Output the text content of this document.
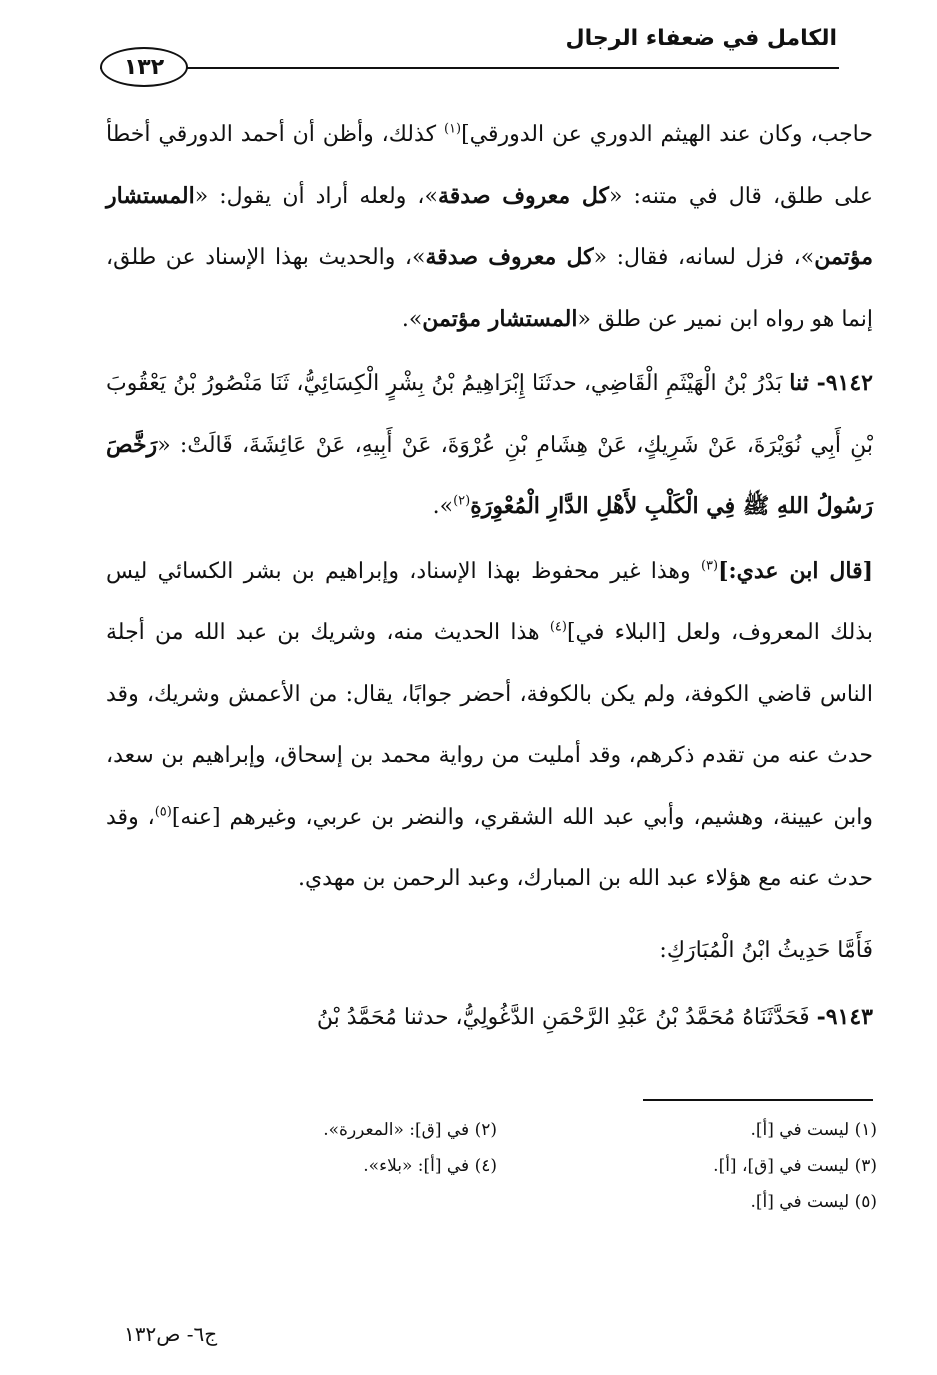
الكامل في ضعفاء الرجال
١٣٢

حاجب، وكان عند الهيثم الدوري عن الدورقي]$^{(١)}$ كذلك، وأظن أن أحمد الدورقي أخطأ على طلق، قال في متنه: «كل معروف صدقة»، ولعله أراد أن يقول: «المستشار مؤتمن»، فزل لسانه، فقال: «كل معروف صدقة»، والحديث بهذا الإسناد عن طلق، إنما هو رواه ابن نمير عن طلق «المستشار مؤتمن».

٩١٤٢- ثنا بَدْرُ بْنُ الْهَيْثَمِ الْقَاضِي، حدثَنَا إِبْرَاهِيمُ بْنُ بِشْرٍ الْكِسَائِيُّ، ثَنَا مَنْصُورُ بْنُ يَعْقُوبَ بْنِ أَبِي نُوَيْرَةَ، عَنْ شَرِيكٍ، عَنْ هِشَامِ بْنِ عُرْوَةَ، عَنْ أَبِيهِ، عَنْ عَائِشَةَ، قَالَتْ: «رَخَّصَ رَسُولُ اللهِ ﷺ فِي الْكَلْبِ لأَهْلِ الدَّارِ الْمُعْوِرَةِ$^{(٢)}$».

[قال ابن عدي:]$^{(٣)}$ وهذا غير محفوظ بهذا الإسناد، وإبراهيم بن بشر الكسائي ليس بذلك المعروف، ولعل [البلاء في]$^{(٤)}$ هذا الحديث منه، وشريك بن عبد الله من أجلة الناس قاضي الكوفة، ولم يكن بالكوفة، أحضر جوابًا، يقال: من الأعمش وشريك، وقد حدث عنه من تقدم ذكرهم، وقد أمليت من رواية محمد بن إسحاق، وإبراهيم بن سعد، وابن عيينة، وهشيم، وأبي عبد الله الشقري، والنضر بن عربي، وغيرهم [عنه]$^{(٥)}$، وقد حدث عنه مع هؤلاء عبد الله بن المبارك، وعبد الرحمن بن مهدي.

فَأَمَّا حَدِيثُ ابْنُ الْمُبَارَكِ:

٩١٤٣- فَحَدَّثَنَاهُ مُحَمَّدُ بْنُ عَبْدِ الرَّحْمَنِ الدَّغُولِيُّ، حدثنا مُحَمَّدُ بْنُ

(١) ليست في [أ].
(٢) في [ق]: «المعررة».
(٣) ليست في [ق]، [أ].
(٤) في [أ]: «بلاء».
(٥) ليست في [أ].
ج٦- ص١٣٢
